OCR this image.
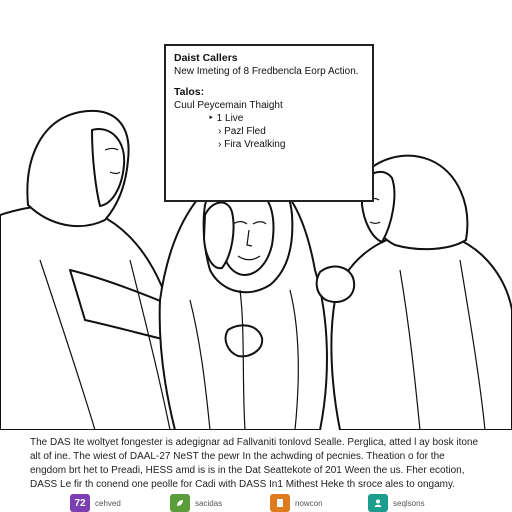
Daist Callers
New Imeting of 8 Fredbencla Eorp Action.
Talos:
Cuul Peycemain Thaight
‣ 1 Live
› Pazl Fled
› Fira Vrealking
The DAS Ite woltyet fongester is adegignar ad Fallvaniti tonlovd Sealle. Perglica, atted l ay bosk itone
alt of ine. The wiest of DAAL-27 NeST the pewr In the achwding of pecnies. Theation o for the
engdom brt het to Preadi, HESS amd is is in the Dat Seattekote of 201 Ween the us. Fher ecotion,
DASS Le fir th conend one peolle for Cadi with DASS In1 Mithest Heke th sroce ales to ongamy.
72	cehved	sacidas	nowcon	seqlsons
